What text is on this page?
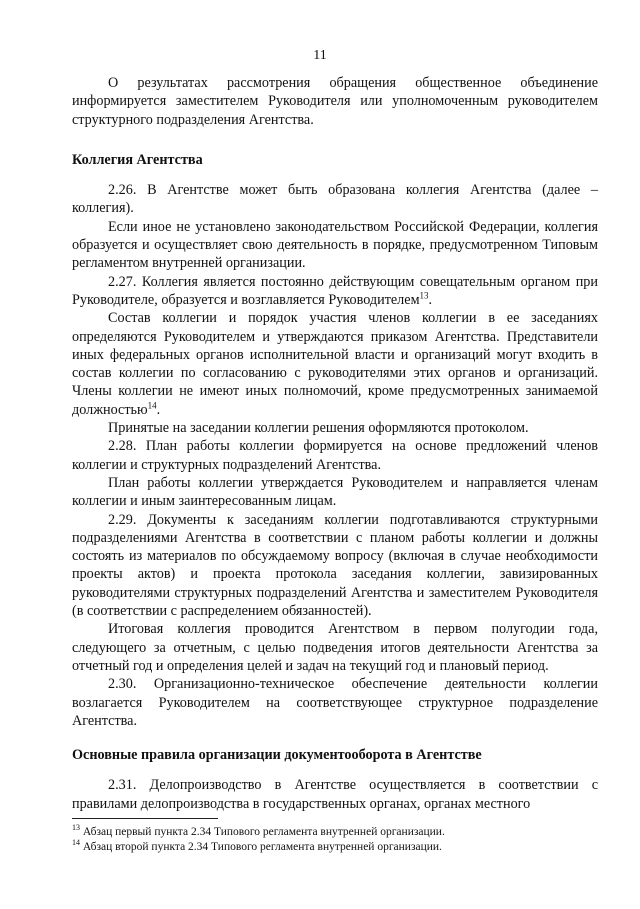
11

О результатах рассмотрения обращения общественное объединение информируется заместителем Руководителя или уполномоченным руководителем структурного подразделения Агентства.

Коллегия Агентства

2.26. В Агентстве может быть образована коллегия Агентства (далее – коллегия).

Если иное не установлено законодательством Российской Федерации, коллегия образуется и осуществляет свою деятельность в порядке, предусмотренном Типовым регламентом внутренней организации.

2.27. Коллегия является постоянно действующим совещательным органом при Руководителе, образуется и возглавляется Руководителем$^{13}$.

Состав коллегии и порядок участия членов коллегии в ее заседаниях определяются Руководителем и утверждаются приказом Агентства. Представители иных федеральных органов исполнительной власти и организаций могут входить в состав коллегии по согласованию с руководителями этих органов и организаций. Члены коллегии не имеют иных полномочий, кроме предусмотренных занимаемой должностью$^{14}$.

Принятые на заседании коллегии решения оформляются протоколом.

2.28. План работы коллегии формируется на основе предложений членов коллегии и структурных подразделений Агентства.

План работы коллегии утверждается Руководителем и направляется членам коллегии и иным заинтересованным лицам.

2.29. Документы к заседаниям коллегии подготавливаются структурными подразделениями Агентства в соответствии с планом работы коллегии и должны состоять из материалов по обсуждаемому вопросу (включая в случае необходимости проекты актов) и проекта протокола заседания коллегии, завизированных руководителями структурных подразделений Агентства и заместителем Руководителя (в соответствии с распределением обязанностей).

Итоговая коллегия проводится Агентством в первом полугодии года, следующего за отчетным, с целью подведения итогов деятельности Агентства за отчетный год и определения целей и задач на текущий год и плановый период.

2.30. Организационно-техническое обеспечение деятельности коллегии возлагается Руководителем на соответствующее структурное подразделение Агентства.

Основные правила организации документооборота в Агентстве

2.31. Делопроизводство в Агентстве осуществляется в соответствии с правилами делопроизводства в государственных органах, органах местного

$^{13}$ Абзац первый пункта 2.34 Типового регламента внутренней организации.

$^{14}$ Абзац второй пункта 2.34 Типового регламента внутренней организации.
